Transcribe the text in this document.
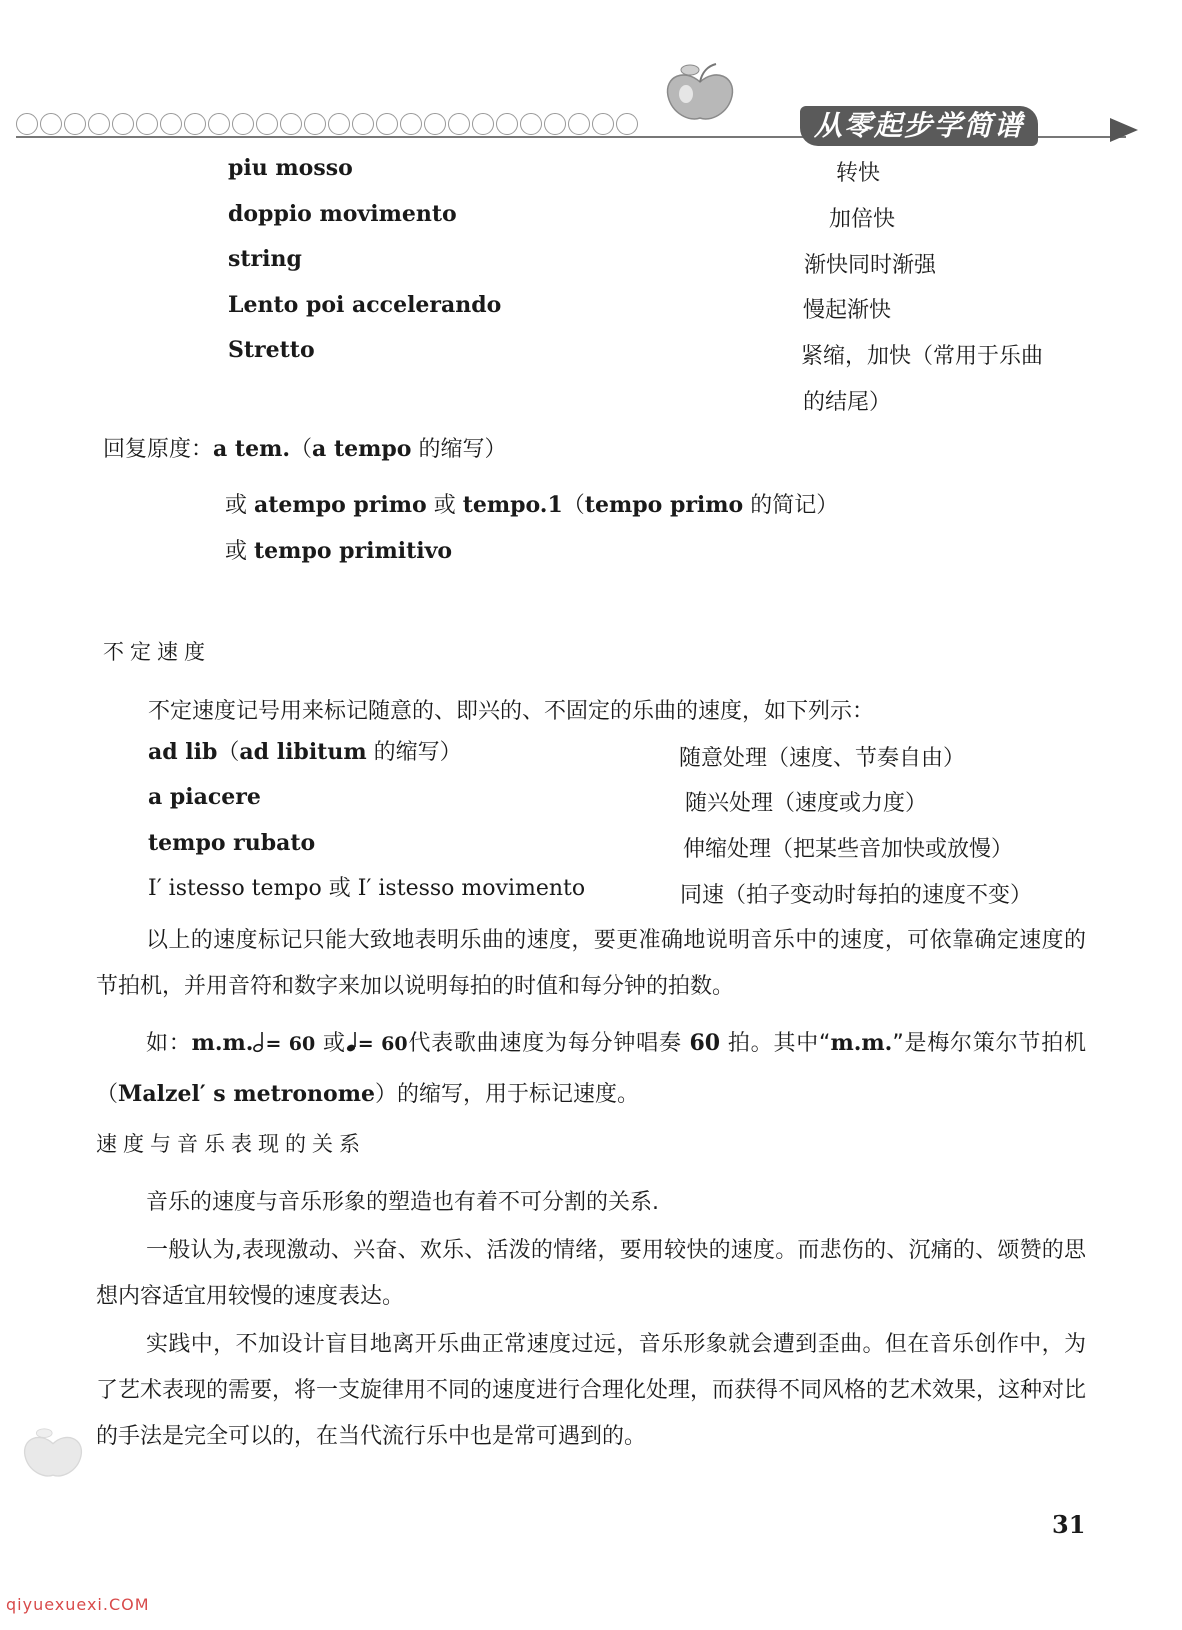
从零起步学简谱
piu mosso	转快
doppio movimento	加倍快
string	渐快同时渐强
Lento poi accelerando	慢起渐快
Stretto	紧缩，加快（常用于乐曲
的结尾）
回复原度：a tem.（a tempo 的缩写）
或 atempo primo 或 tempo.1（tempo primo 的简记）
或 tempo primitivo
不定速度
不定速度记号用来标记随意的、即兴的、不固定的乐曲的速度，如下列示：
ad lib（ad libitum 的缩写）	随意处理（速度、节奏自由）
a piacere	随兴处理（速度或力度）
tempo rubato	伸缩处理（把某些音加快或放慢）
I′ istesso tempo 或 I′ istesso movimento	同速（拍子变动时每拍的速度不变）
以上的速度标记只能大致地表明乐曲的速度，要更准确地说明音乐中的速度，可依靠确定速度的节拍机，并用音符和数字来加以说明每拍的时值和每分钟的拍数。
如：m.m. = 60 或 = 60代表歌曲速度为每分钟唱奏 60 拍。其中“m.m.”是梅尔策尔节拍机（Malzel′ s metronome）的缩写，用于标记速度。
速度与音乐表现的关系
音乐的速度与音乐形象的塑造也有着不可分割的关系.
一般认为,表现激动、兴奋、欢乐、活泼的情绪，要用较快的速度。而悲伤的、沉痛的、颂赞的思想内容适宜用较慢的速度表达。
实践中，不加设计盲目地离开乐曲正常速度过远，音乐形象就会遭到歪曲。但在音乐创作中，为了艺术表现的需要，将一支旋律用不同的速度进行合理化处理，而获得不同风格的艺术效果，这种对比的手法是完全可以的，在当代流行乐中也是常可遇到的。
31
qiyuexuexi.COM
